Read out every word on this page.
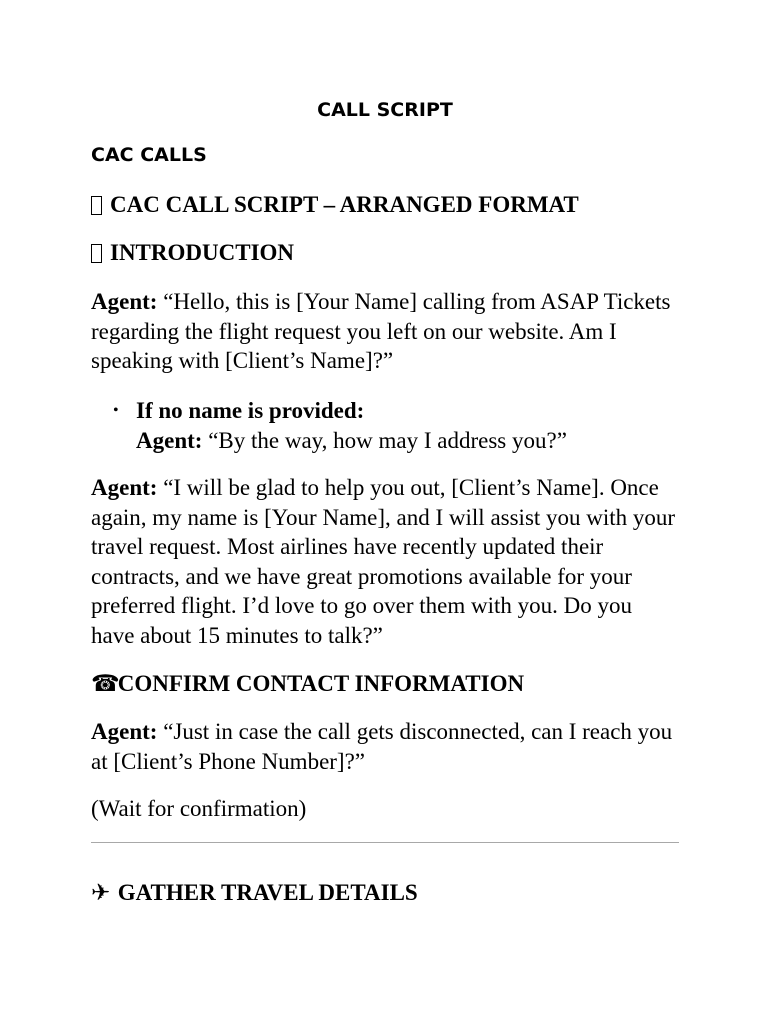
CALL SCRIPT
CAC CALLS
CAC CALL SCRIPT – ARRANGED FORMAT
INTRODUCTION
Agent: “Hello, this is [Your Name] calling from ASAP Tickets regarding the flight request you left on our website. Am I speaking with [Client’s Name]?”
• If no name is provided:
Agent: “By the way, how may I address you?”
Agent: “I will be glad to help you out, [Client’s Name]. Once again, my name is [Your Name], and I will assist you with your travel request. Most airlines have recently updated their contracts, and we have great promotions available for your preferred flight. I’d love to go over them with you. Do you have about 15 minutes to talk?”
☎ CONFIRM CONTACT INFORMATION
Agent: “Just in case the call gets disconnected, can I reach you at [Client’s Phone Number]?”
(Wait for confirmation)
✈ GATHER TRAVEL DETAILS
